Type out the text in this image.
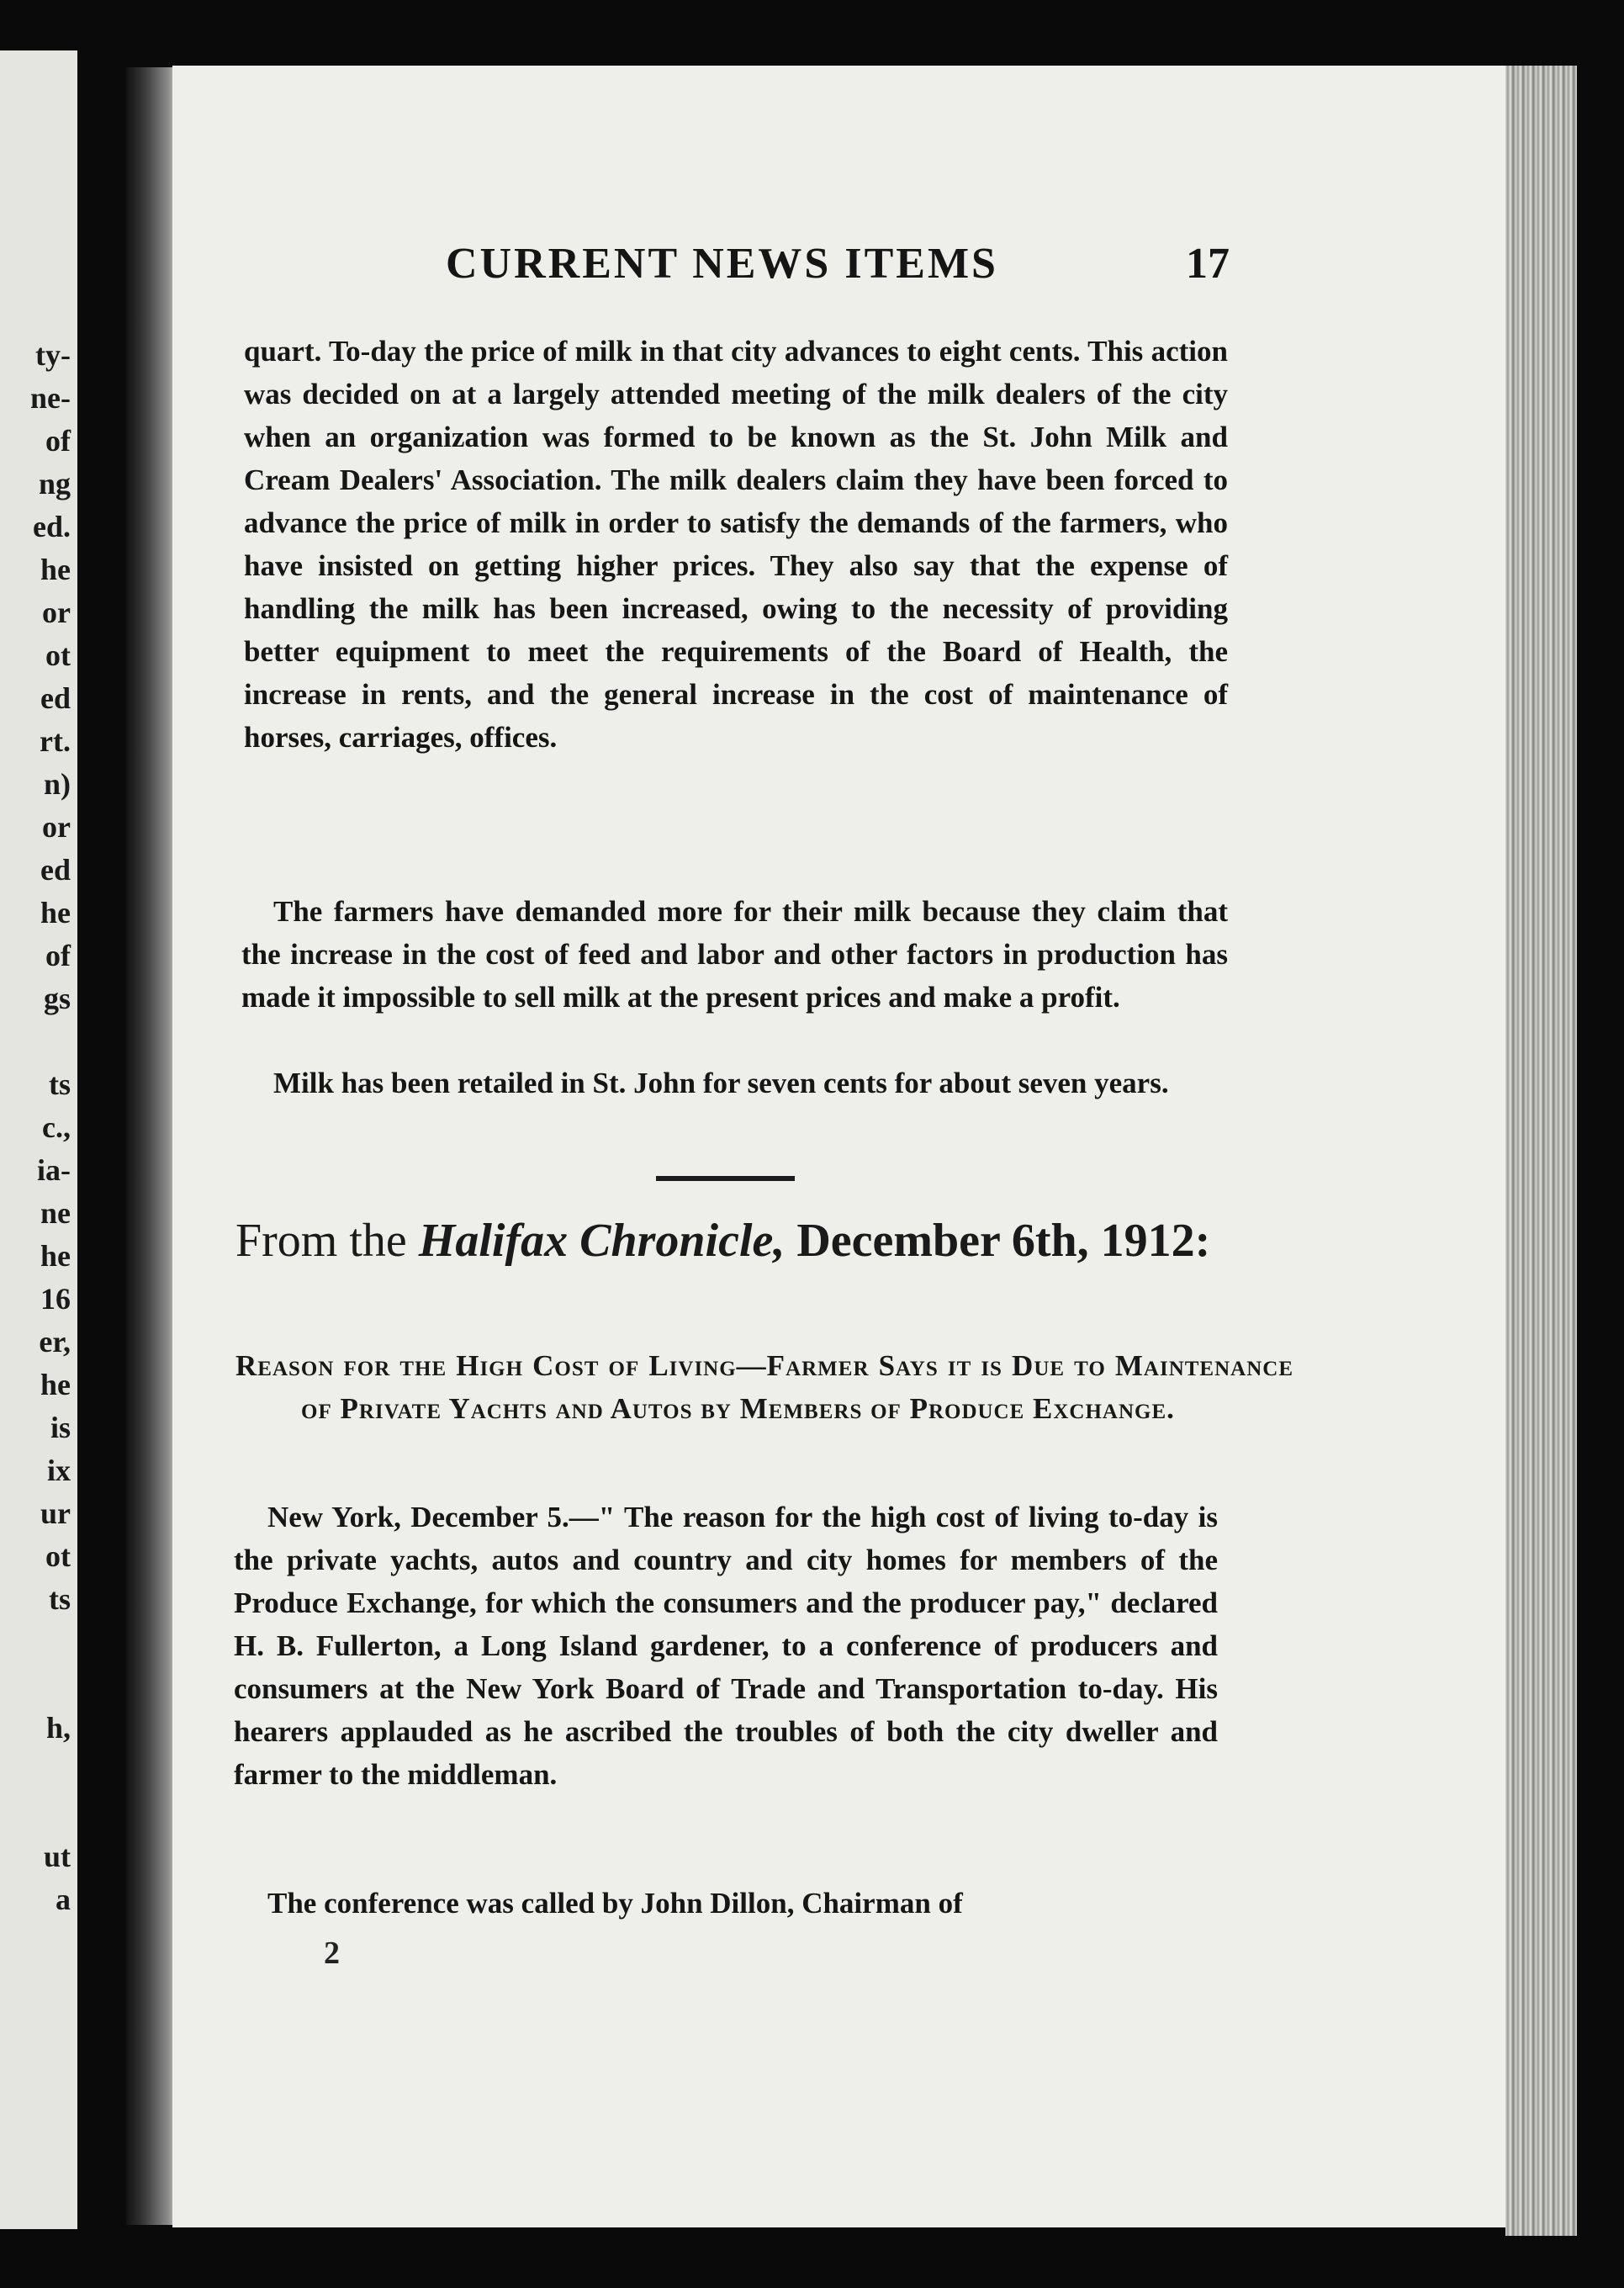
ty-
ne-
of
ng
ed.
he
or
ot
ed
rt.
n)
or
ed
he
of
gs
ts
c.,
ia-
ne
he
16
er,
he
is
ix
ur
ot
ts
h,
ut
a
CURRENT NEWS ITEMS	17

quart. To-day the price of milk in that city advances to eight cents. This action was decided on at a largely attended meeting of the milk dealers of the city when an organization was formed to be known as the St. John Milk and Cream Dealers' Association. The milk dealers claim they have been forced to advance the price of milk in order to satisfy the demands of the farmers, who have insisted on getting higher prices. They also say that the expense of handling the milk has been increased, owing to the necessity of providing better equipment to meet the requirements of the Board of Health, the increase in rents, and the general increase in the cost of maintenance of horses, carriages, offices.

The farmers have demanded more for their milk because they claim that the increase in the cost of feed and labor and other factors in production has made it impossible to sell milk at the present prices and make a profit.

Milk has been retailed in St. John for seven cents for about seven years.

From the Halifax Chronicle, December 6th, 1912:

Reason for the High Cost of Living—Farmer Says it is Due to Maintenance of Private Yachts and Autos by Members of Produce Exchange.

New York, December 5.—" The reason for the high cost of living to-day is the private yachts, autos and country and city homes for members of the Produce Exchange, for which the consumers and the producer pay," declared H. B. Fullerton, a Long Island gardener, to a conference of producers and consumers at the New York Board of Trade and Transportation to-day. His hearers applauded as he ascribed the troubles of both the city dweller and farmer to the middleman.

The conference was called by John Dillon, Chairman of

2
